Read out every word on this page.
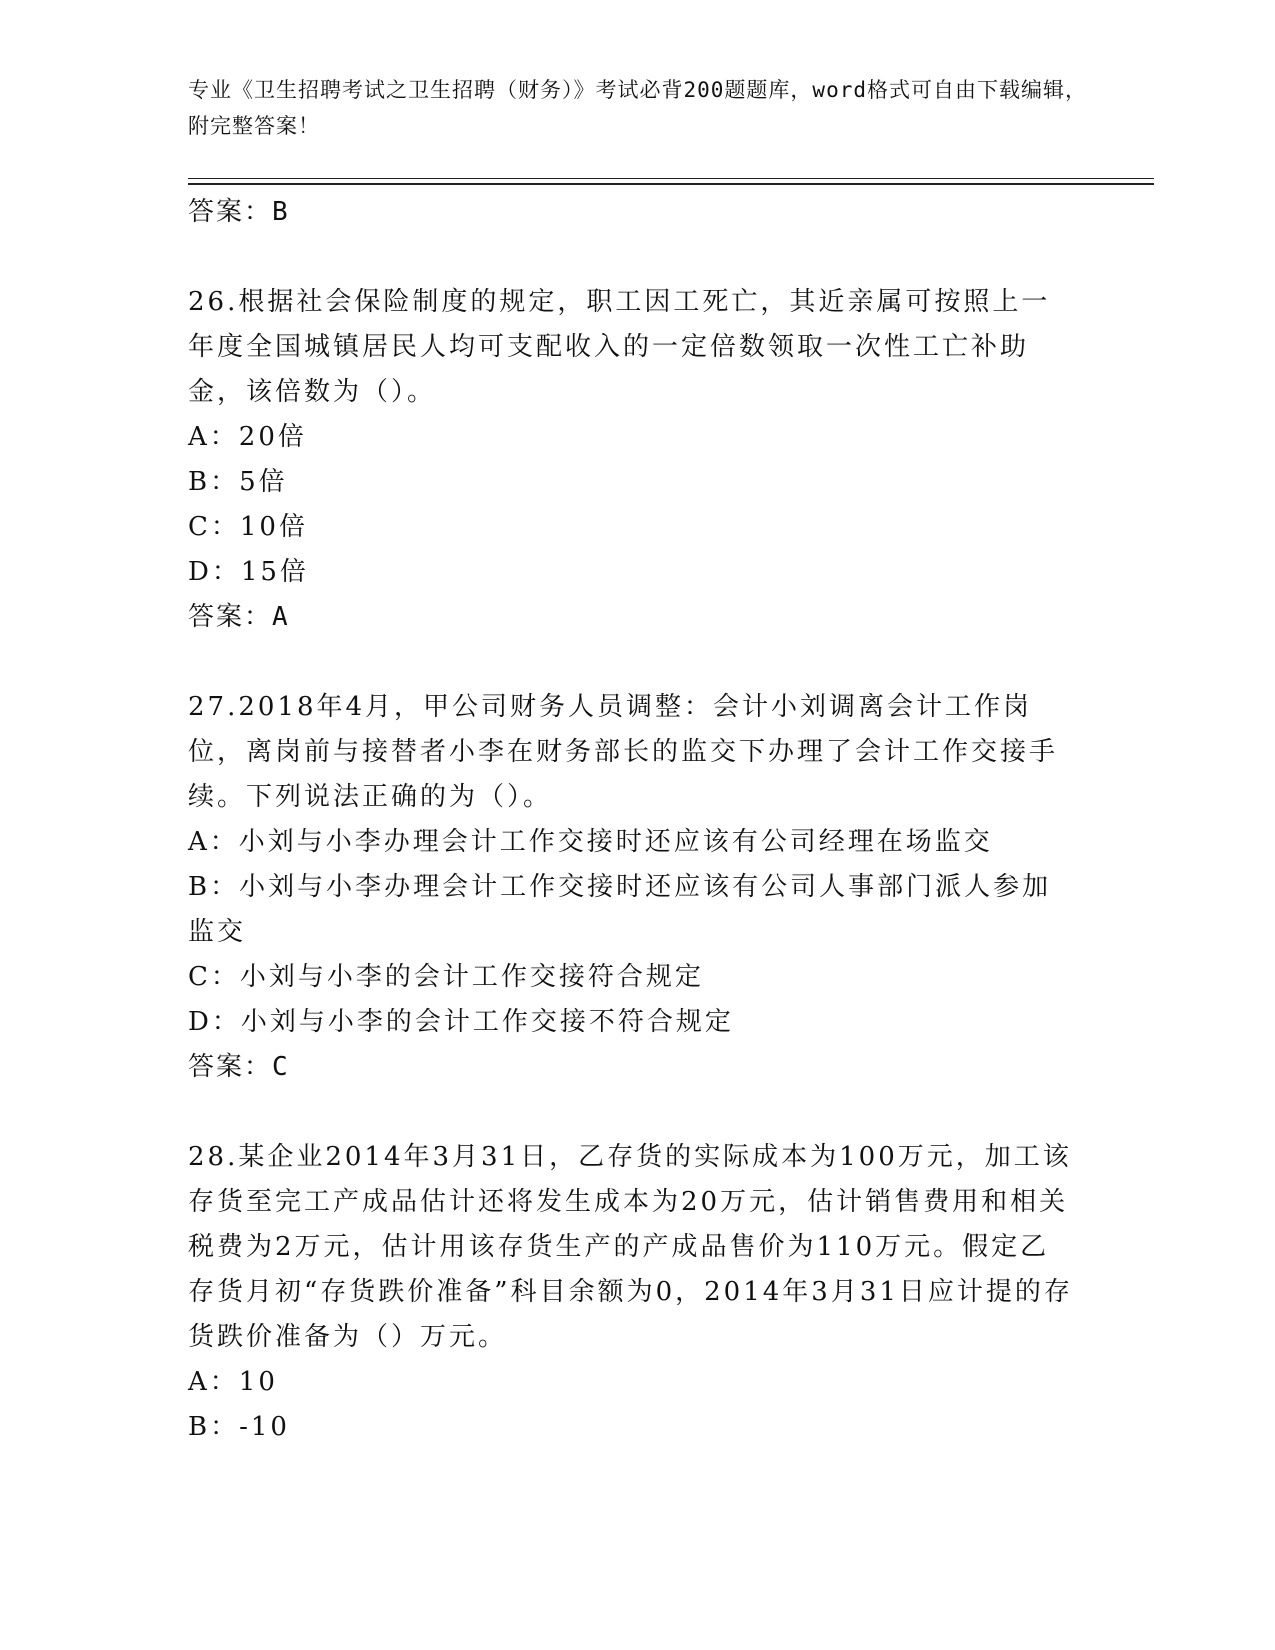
专业《卫生招聘考试之卫生招聘（财务）》考试必背200题题库，word格式可自由下载编辑，附完整答案！

答案：B

26.根据社会保险制度的规定，职工因工死亡，其近亲属可按照上一年度全国城镇居民人均可支配收入的一定倍数领取一次性工亡补助金，该倍数为（）。

A：20倍

B：5倍

C：10倍

D：15倍

答案：A

27.2018年4月，甲公司财务人员调整：会计小刘调离会计工作岗位，离岗前与接替者小李在财务部长的监交下办理了会计工作交接手续。下列说法正确的为（）。

A：小刘与小李办理会计工作交接时还应该有公司经理在场监交

B：小刘与小李办理会计工作交接时还应该有公司人事部门派人参加监交

C：小刘与小李的会计工作交接符合规定

D：小刘与小李的会计工作交接不符合规定

答案：C

28.某企业2014年3月31日，乙存货的实际成本为100万元，加工该存货至完工产成品估计还将发生成本为20万元，估计销售费用和相关税费为2万元，估计用该存货生产的产成品售价为110万元。假定乙存货月初“存货跌价准备”科目余额为0，2014年3月31日应计提的存货跌价准备为（）万元。

A：10

B：-10
